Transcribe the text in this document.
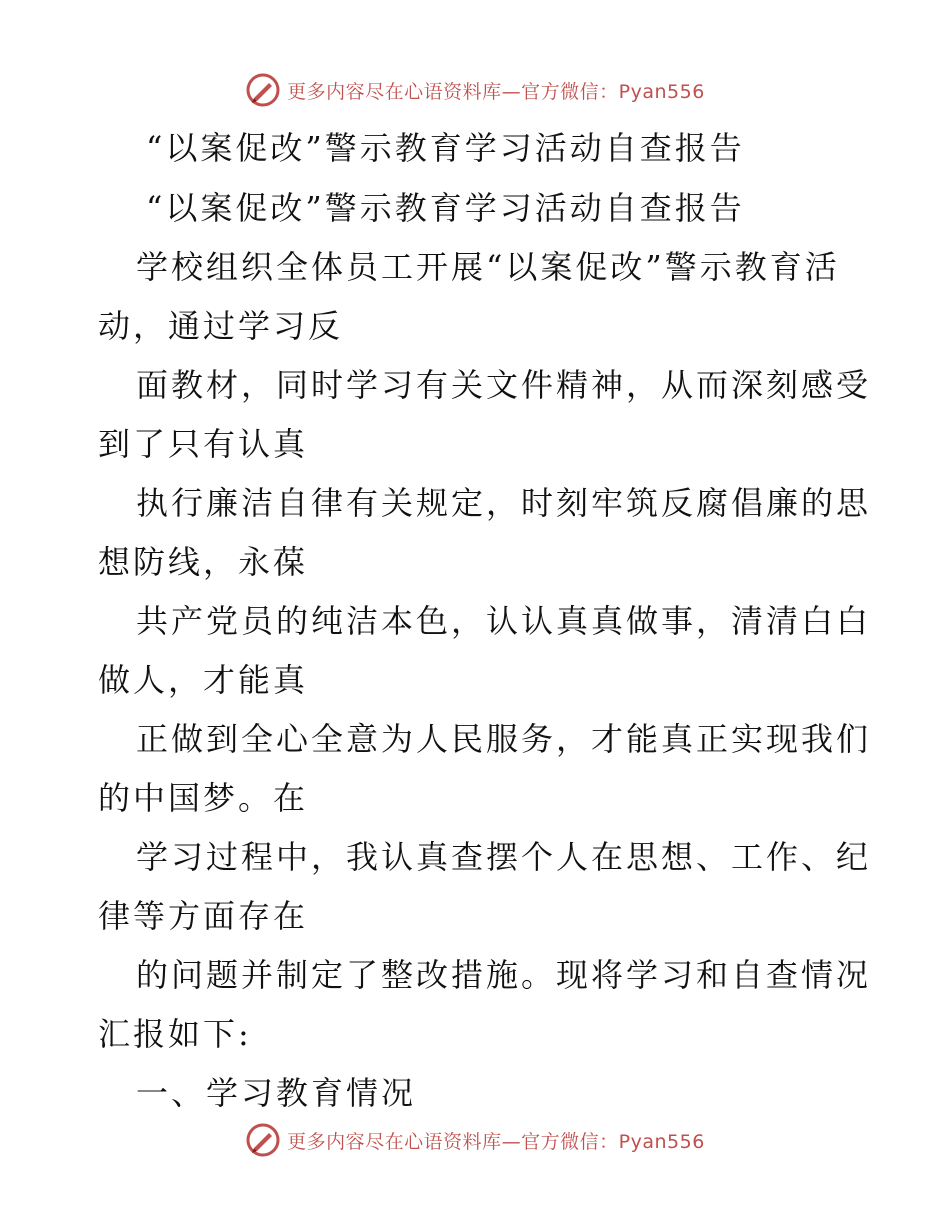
更多内容尽在心语资料库—官方微信：Pyan556
“以案促改”警示教育学习活动自查报告
“以案促改”警示教育学习活动自查报告
学校组织全体员工开展“以案促改”警示教育活
动，通过学习反
面教材，同时学习有关文件精神，从而深刻感受
到了只有认真
执行廉洁自律有关规定，时刻牢筑反腐倡廉的思
想防线，永葆
共产党员的纯洁本色，认认真真做事，清清白白
做人，才能真
正做到全心全意为人民服务，才能真正实现我们
的中国梦。在
学习过程中，我认真查摆个人在思想、工作、纪
律等方面存在
的问题并制定了整改措施。现将学习和自查情况
汇报如下:
一、学习教育情况
更多内容尽在心语资料库—官方微信：Pyan556
